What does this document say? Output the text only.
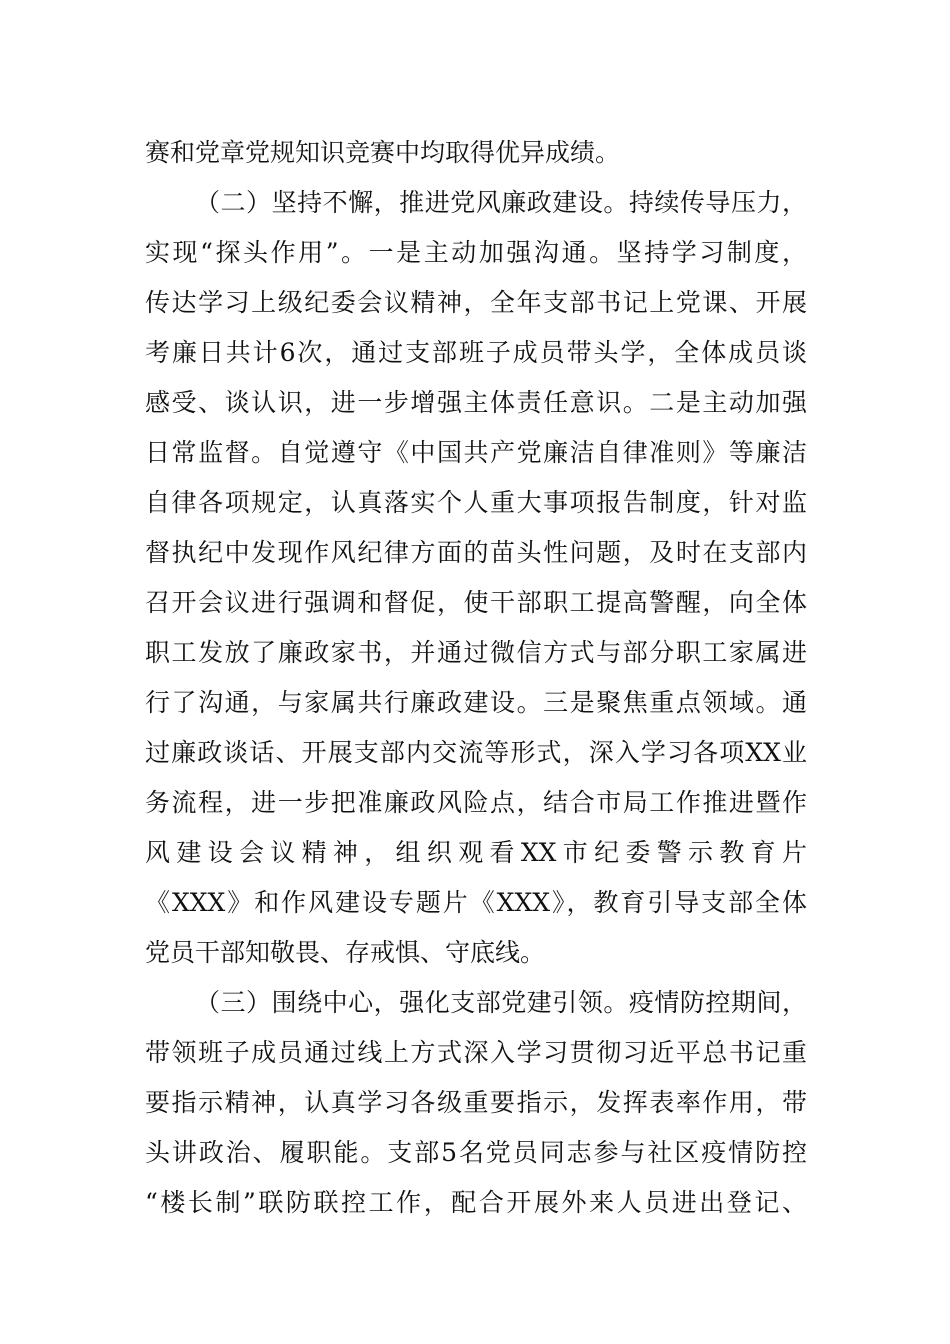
赛和党章党规知识竞赛中均取得优异成绩。
（二）坚持不懈，推进党风廉政建设。持续传导压力，
实现“探头作用”。一是主动加强沟通。坚持学习制度，
传达学习上级纪委会议精神，全年支部书记上党课、开展
考廉日共计6次，通过支部班子成员带头学，全体成员谈
感受、谈认识，进一步增强主体责任意识。二是主动加强
日常监督。自觉遵守《中国共产党廉洁自律准则》等廉洁
自律各项规定，认真落实个人重大事项报告制度，针对监
督执纪中发现作风纪律方面的苗头性问题，及时在支部内
召开会议进行强调和督促，使干部职工提高警醒，向全体
职工发放了廉政家书，并通过微信方式与部分职工家属进
行了沟通，与家属共行廉政建设。三是聚焦重点领域。通
过廉政谈话、开展支部内交流等形式，深入学习各项XX业
务流程，进一步把准廉政风险点，结合市局工作推进暨作
风建设会议精神，组织观看XX市纪委警示教育片
《XXX》和作风建设专题片《XXX》，教育引导支部全体
党员干部知敬畏、存戒惧、守底线。
（三）围绕中心，强化支部党建引领。疫情防控期间，
带领班子成员通过线上方式深入学习贯彻习近平总书记重
要指示精神，认真学习各级重要指示，发挥表率作用，带
头讲政治、履职能。支部5名党员同志参与社区疫情防控
“楼长制”联防联控工作，配合开展外来人员进出登记、
